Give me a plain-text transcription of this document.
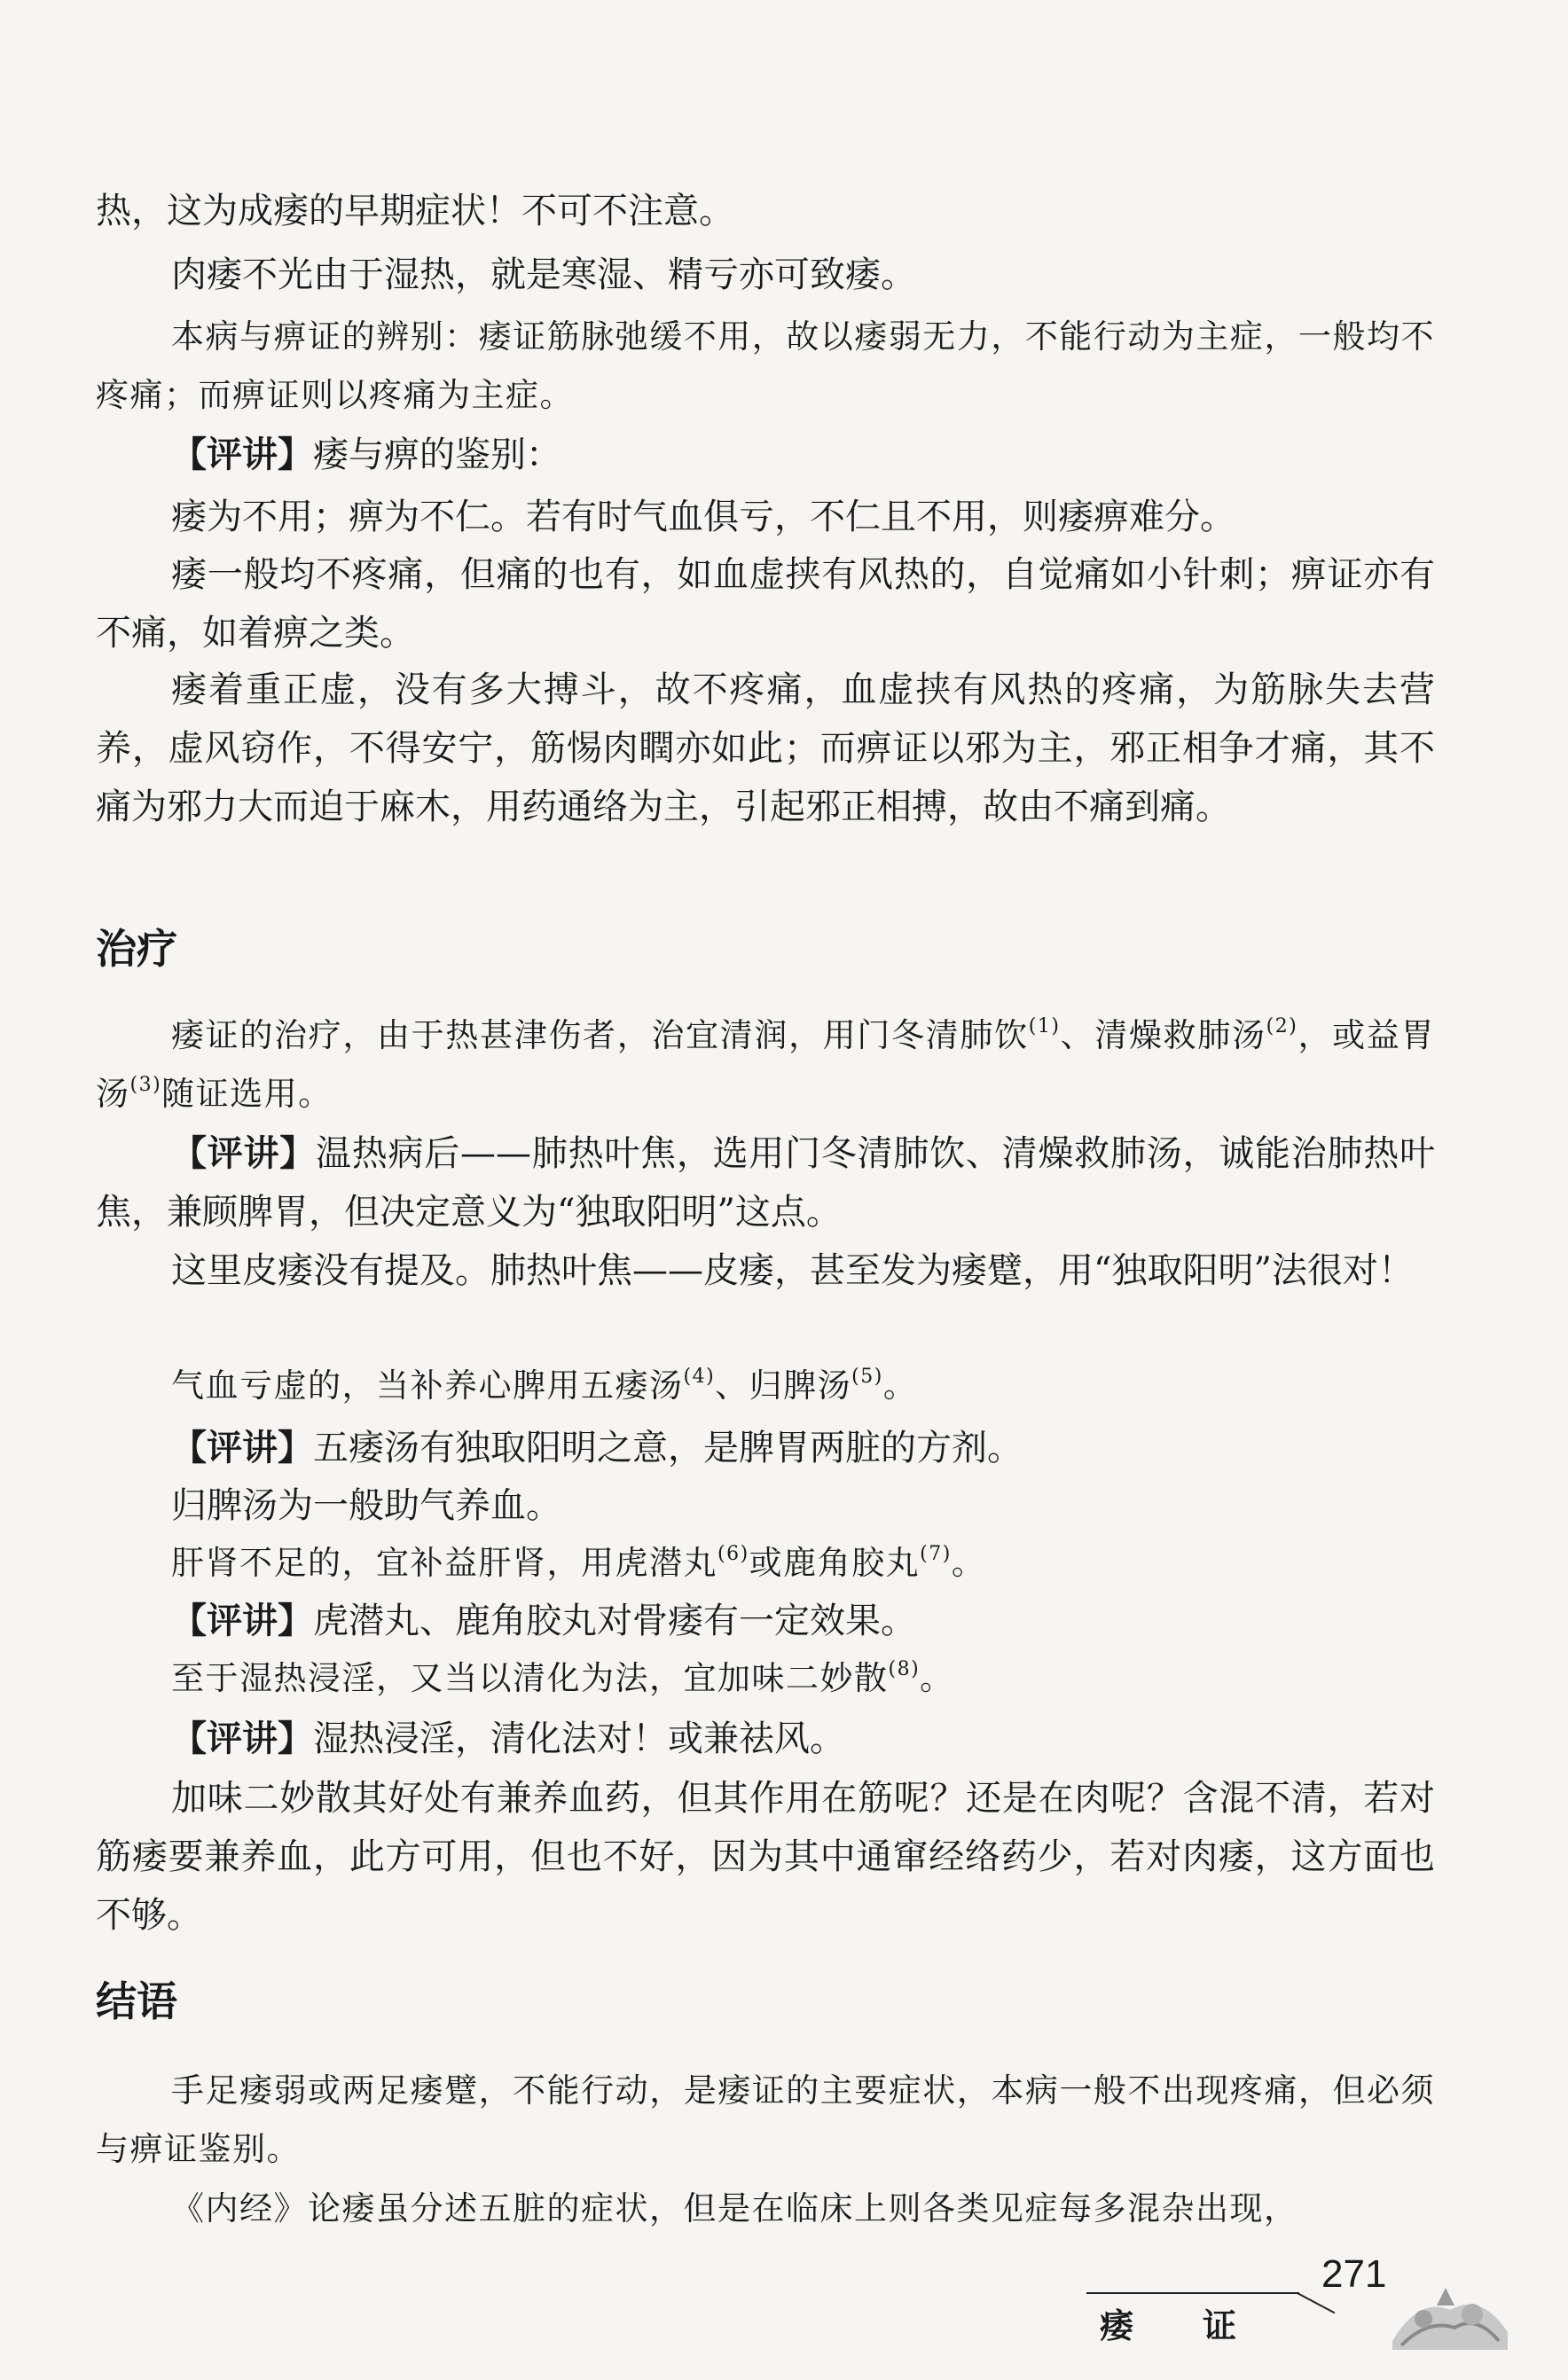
热，这为成痿的早期症状！不可不注意。

肉痿不光由于湿热，就是寒湿、精亏亦可致痿。

本病与痹证的辨别：痿证筋脉弛缓不用，故以痿弱无力，不能行动为主症，一般均不疼痛；而痹证则以疼痛为主症。

【评讲】痿与痹的鉴别：

痿为不用；痹为不仁。若有时气血俱亏，不仁且不用，则痿痹难分。

痿一般均不疼痛，但痛的也有，如血虚挟有风热的，自觉痛如小针刺；痹证亦有不痛，如着痹之类。

痿着重正虚，没有多大搏斗，故不疼痛，血虚挟有风热的疼痛，为筋脉失去营养，虚风窃作，不得安宁，筋惕肉瞤亦如此；而痹证以邪为主，邪正相争才痛，其不痛为邪力大而迫于麻木，用药通络为主，引起邪正相搏，故由不痛到痛。

治疗

痿证的治疗，由于热甚津伤者，治宜清润，用门冬清肺饮$^{(1)}$、清燥救肺汤$^{(2)}$，或益胃汤$^{(3)}$随证选用。

【评讲】温热病后——肺热叶焦，选用门冬清肺饮、清燥救肺汤，诚能治肺热叶焦，兼顾脾胃，但决定意义为“独取阳明”这点。

这里皮痿没有提及。肺热叶焦——皮痿，甚至发为痿躄，用“独取阳明”法很对！

气血亏虚的，当补养心脾用五痿汤$^{(4)}$、归脾汤$^{(5)}$。

【评讲】五痿汤有独取阳明之意，是脾胃两脏的方剂。

归脾汤为一般助气养血。

肝肾不足的，宜补益肝肾，用虎潜丸$^{(6)}$或鹿角胶丸$^{(7)}$。

【评讲】虎潜丸、鹿角胶丸对骨痿有一定效果。

至于湿热浸淫，又当以清化为法，宜加味二妙散$^{(8)}$。

【评讲】湿热浸淫，清化法对！或兼祛风。

加味二妙散其好处有兼养血药，但其作用在筋呢？还是在肉呢？含混不清，若对筋痿要兼养血，此方可用，但也不好，因为其中通窜经络药少，若对肉痿，这方面也不够。

结语

手足痿弱或两足痿躄，不能行动，是痿证的主要症状，本病一般不出现疼痛，但必须与痹证鉴别。

《内经》论痿虽分述五脏的症状，但是在临床上则各类见症每多混杂出现，

痿证
271
